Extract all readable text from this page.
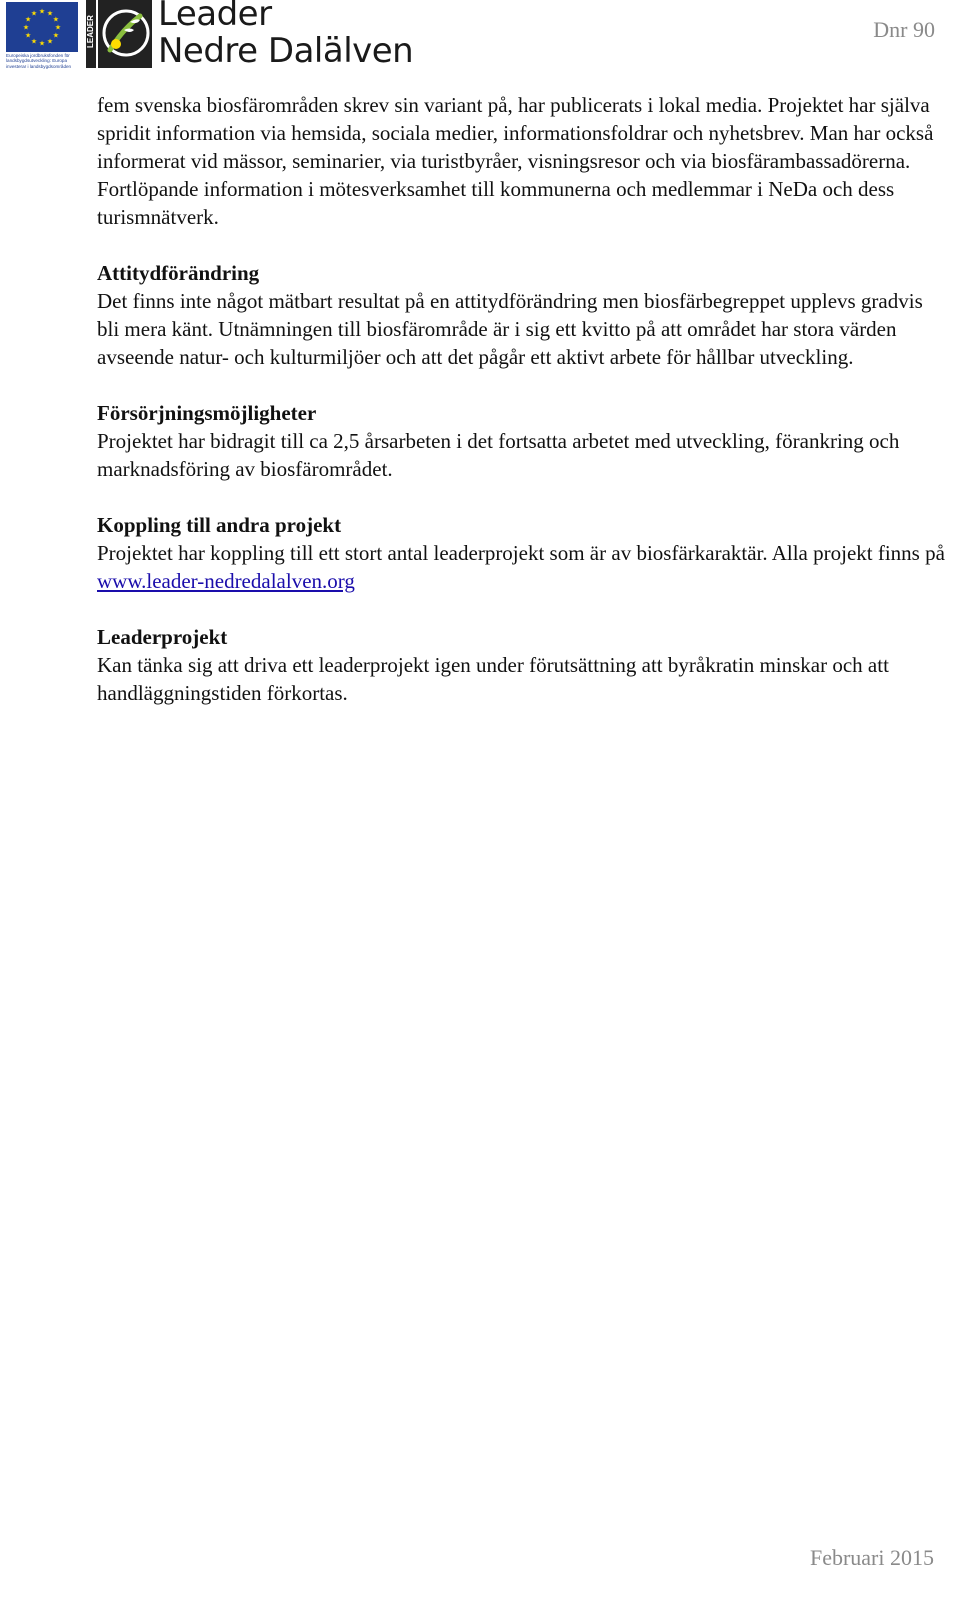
★ ★
★
★
★
★
★
★
★
★
★
★
Europeiska jordbruksfonden för
landsbygdsutveckling: Europa
investerar i landsbygdsområden
LEADER Leader
Nedre Dalälven
Dnr 90

fem svenska biosfärområden skrev sin variant på, har publicerats i lokal media. Projektet har själva spridit information via hemsida, sociala medier, informationsfoldrar och nyhetsbrev. Man har också informerat vid mässor, seminarier, via turistbyråer, visningsresor och via biosfärambassadörerna. Fortlöpande information i mötesverksamhet till kommunerna och medlemmar i NeDa och dess turismnätverk.

Attitydförändring

Det finns inte något mätbart resultat på en attitydförändring men biosfärbegreppet upplevs gradvis bli mera känt. Utnämningen till biosfärområde är i sig ett kvitto på att området har stora värden avseende natur- och kulturmiljöer och att det pågår ett aktivt arbete för hållbar utveckling.

Försörjningsmöjligheter

Projektet har bidragit till ca 2,5 årsarbeten i det fortsatta arbetet med utveckling, förankring och marknadsföring av biosfärområdet.

Koppling till andra projekt

Projektet har koppling till ett stort antal leaderprojekt som är av biosfärkaraktär. Alla projekt finns på www.leader-nedredalalven.org

Leaderprojekt

Kan tänka sig att driva ett leaderprojekt igen under förutsättning att byråkratin minskar och att handläggningstiden förkortas.

Februari 2015
